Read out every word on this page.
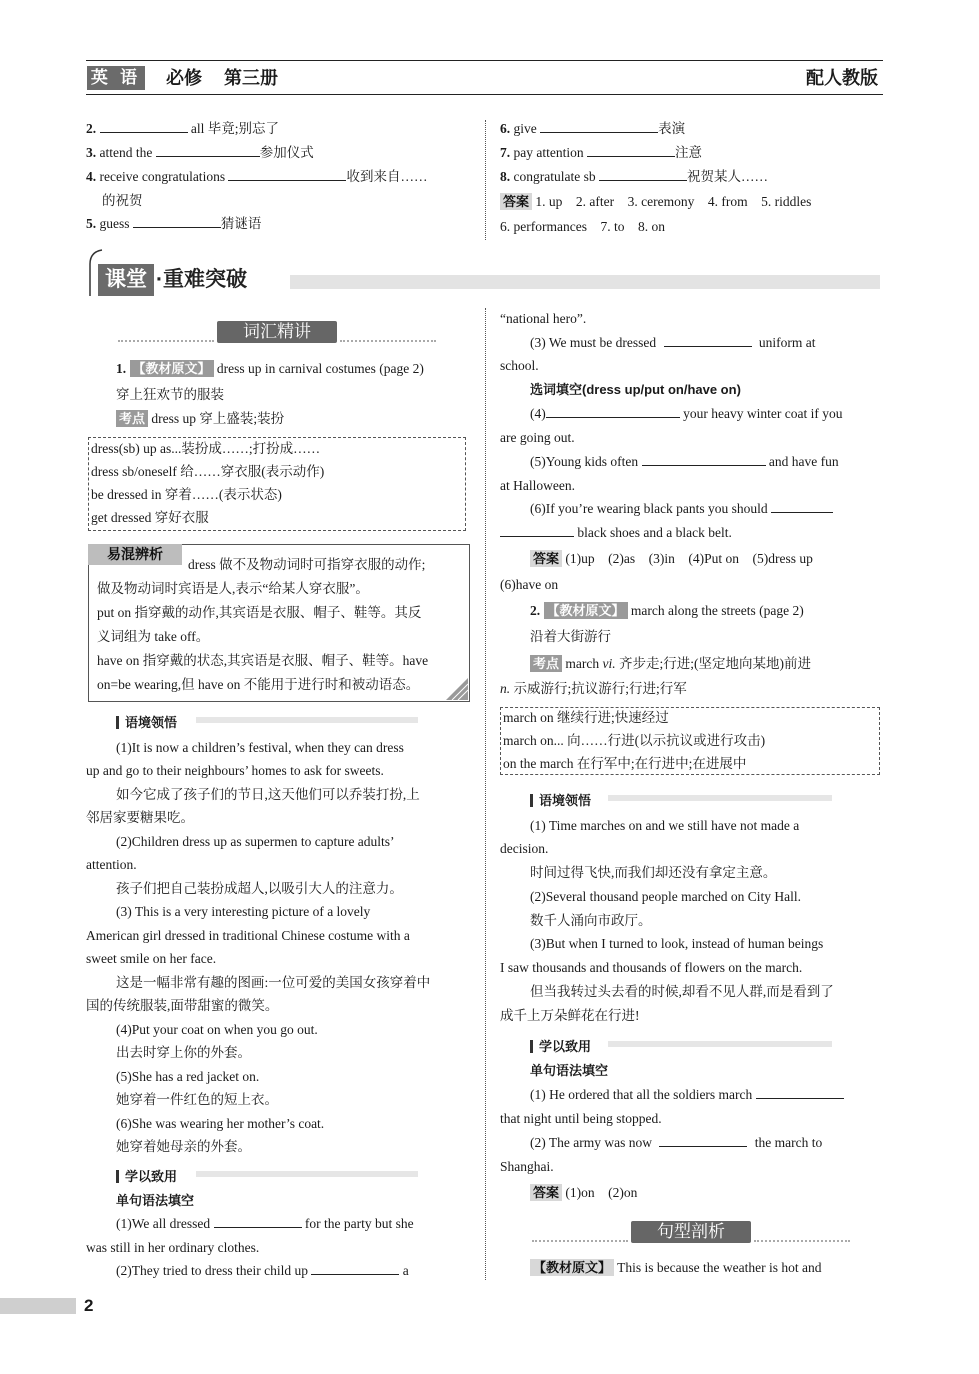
英 语 必修 第三册	配人教版
2.	all 毕竟;别忘了
3. attend the	参加仪式
4. receive congratulations	收到来自……
的祝贺
5. guess	猜谜语
6. give	表演
7. pay attention	注意
8. congratulate sb	祝贺某人……
答案 1. up　2. after　3. ceremony　4. from　5. riddles
6. performances　7. to　8. on
课堂 ·重难突破
词汇精讲
1. 【教材原文】 dress up in carnival costumes (page 2)
穿上狂欢节的服装
考点 dress up 穿上盛装;装扮
dress(sb) up as...装扮成……;打扮成……
dress sb/oneself 给……穿衣服(表示动作)
be dressed in 穿着……(表示状态)
get dressed 穿好衣服
易混辨析
dress 做不及物动词时可指穿衣服的动作;
做及物动词时宾语是人,表示“给某人穿衣服”。
put on 指穿戴的动作,其宾语是衣服、帽子、鞋等。其反
义词组为 take off。
have on 指穿戴的状态,其宾语是衣服、帽子、鞋等。have
on=be wearing,但 have on 不能用于进行时和被动语态。
语境领悟
(1)It is now a children’s festival, when they can dress
up and go to their neighbours’ homes to ask for sweets.
如今它成了孩子们的节日,这天他们可以乔装打扮,上
邻居家要糖果吃。
(2)Children dress up as supermen to capture adults’
attention.
孩子们把自己装扮成超人,以吸引大人的注意力。
(3) This is a very interesting picture of a lovely
American girl dressed in traditional Chinese costume with a
sweet smile on her face.
这是一幅非常有趣的图画:一位可爱的美国女孩穿着中
国的传统服装,面带甜蜜的微笑。
(4)Put your coat on when you go out.
出去时穿上你的外套。
(5)She has a red jacket on.
她穿着一件红色的短上衣。
(6)She was wearing her mother’s coat.
她穿着她母亲的外套。
学以致用
单句语法填空
(1)We all dressed	for the party but she
was still in her ordinary clothes.
(2)They tried to dress their child up	a
“national hero”.
(3) We must be dressed	uniform at
school.
选词填空(dress up/put on/have on)
(4)	your heavy winter coat if you
are going out.
(5)Young kids often	and have fun
at Halloween.
(6)If you’re wearing black pants you should
black shoes and a black belt.
答案 (1)up　(2)as　(3)in　(4)Put on　(5)dress up
(6)have on
2. 【教材原文】 march along the streets (page 2)
沿着大街游行
考点 march vi. 齐步走;行进;(坚定地向某地)前进
n. 示威游行;抗议游行;行进;行军
march on 继续行进;快速经过
march on... 向……行进(以示抗议或进行攻击)
on the march 在行军中;在行进中;在进展中
语境领悟
(1) Time marches on and we still have not made a
decision.
时间过得飞快,而我们却还没有拿定主意。
(2)Several thousand people marched on City Hall.
数千人涌向市政厅。
(3)But when I turned to look, instead of human beings
I saw thousands and thousands of flowers on the march.
但当我转过头去看的时候,却看不见人群,而是看到了
成千上万朵鲜花在行进!
学以致用
单句语法填空
(1) He ordered that all the soldiers march
that night until being stopped.
(2) The army was now	the march to
Shanghai.
答案 (1)on　(2)on
句型剖析
【教材原文】 This is because the weather is hot and
2
